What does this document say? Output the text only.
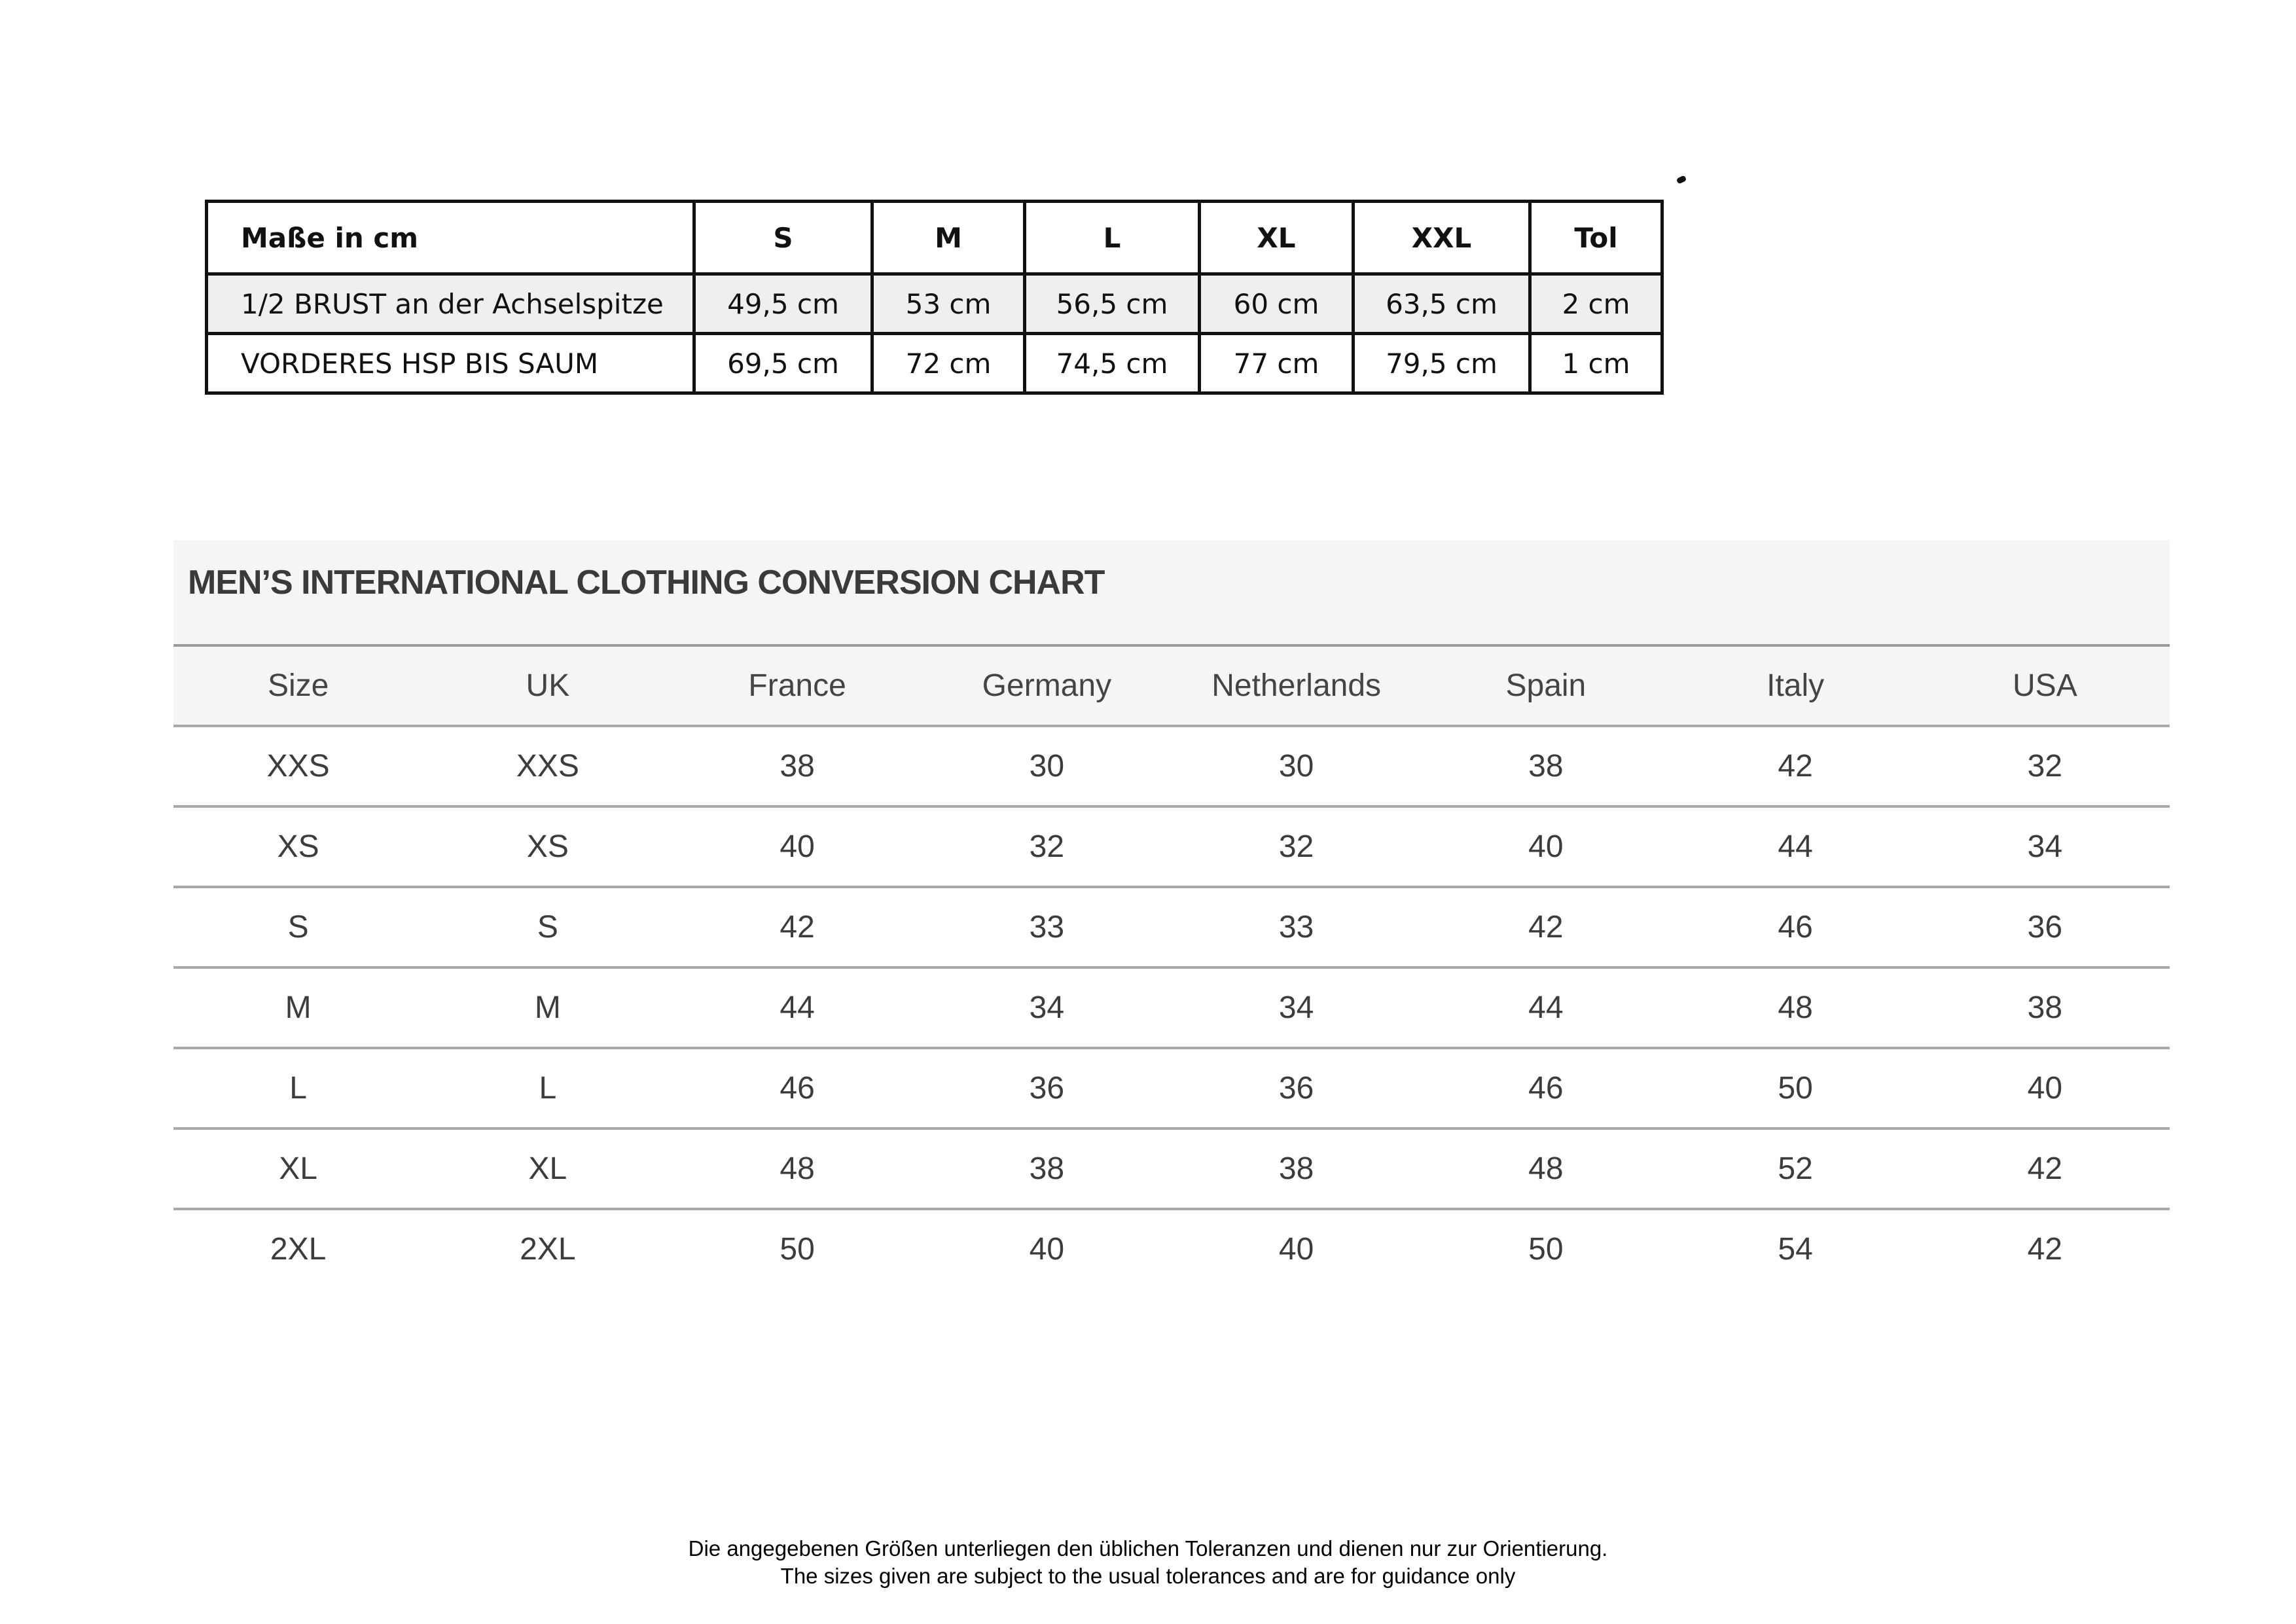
Maße in cm	S	M	L	XL	XXL	Tol
1/2 BRUST an der Achselspitze	49,5 cm	53 cm	56,5 cm	60 cm	63,5 cm	2 cm
VORDERES HSP BIS SAUM	69,5 cm	72 cm	74,5 cm	77 cm	79,5 cm	1 cm
MEN’S INTERNATIONAL CLOTHING CONVERSION CHART
Size	UK	France	Germany	Netherlands	Spain	Italy	USA
XXS	XXS	38	30	30	38	42	32
XS	XS	40	32	32	40	44	34
S	S	42	33	33	42	46	36
M	M	44	34	34	44	48	38
L	L	46	36	36	46	50	40
XL	XL	48	38	38	48	52	42
2XL	2XL	50	40	40	50	54	42
Die angegebenen Größen unterliegen den üblichen Toleranzen und dienen nur zur Orientierung.
The sizes given are subject to the usual tolerances and are for guidance only
